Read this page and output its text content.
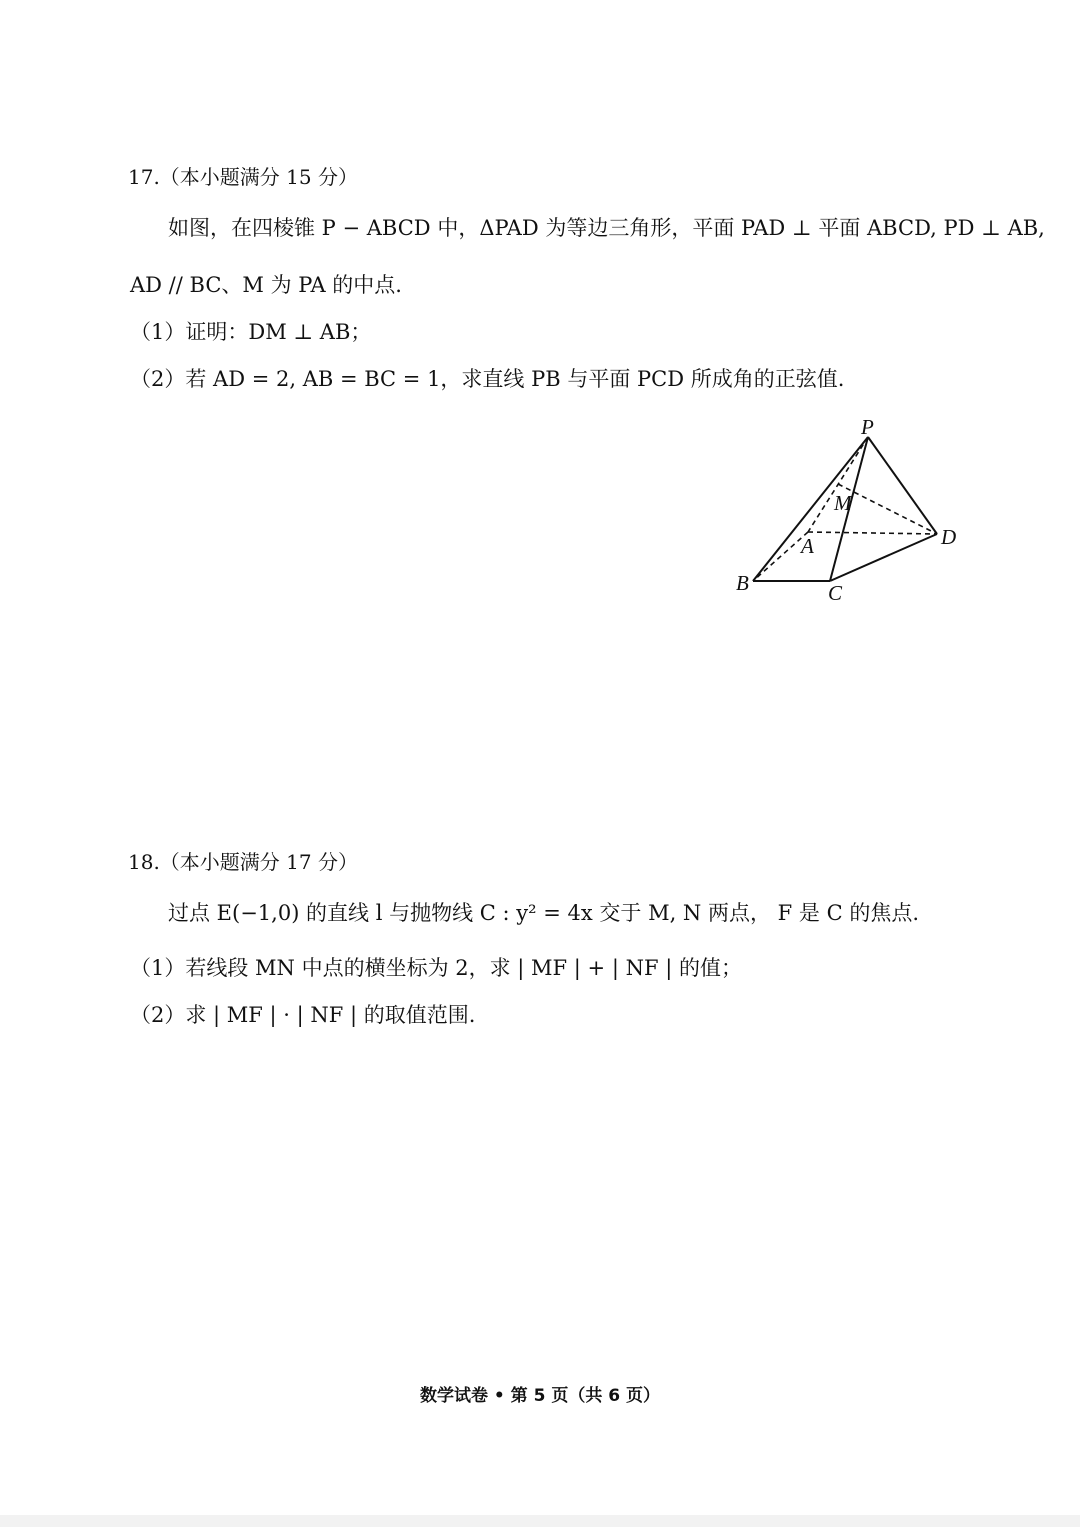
17.（本小题满分 15 分）
如图，在四棱锥 P − ABCD 中，ΔPAD 为等边三角形，平面 PAD ⊥ 平面 ABCD, PD ⊥ AB,
AD // BC、M 为 PA 的中点.
（1）证明：DM ⊥ AB；
（2）若 AD = 2, AB = BC = 1，求直线 PB 与平面 PCD 所成角的正弦值.
P
M
A	D
B	C
18.（本小题满分 17 分）
过点 E(−1,0) 的直线 l 与抛物线 C : y² = 4x 交于 M, N 两点， F 是 C 的焦点.
（1）若线段 MN 中点的横坐标为 2，求 | MF | + | NF | 的值；
（2）求 | MF | · | NF | 的取值范围.
数学试卷 • 第 5 页（共 6 页）
